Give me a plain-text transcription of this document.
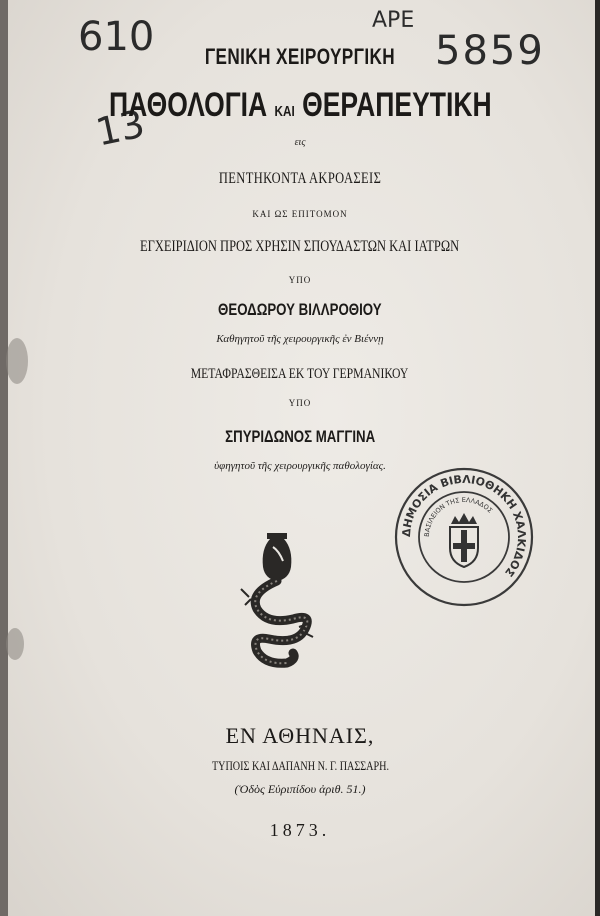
610
13
ΑΡΕ
5859
ΓΕΝΙΚΗ ΧΕΙΡΟΥΡΓΙΚΗ
ΠΑΘΟΛΟΓΙΑ ΚΑΙ ΘΕΡΑΠΕΥΤΙΚΗ
εις
ΠΕΝΤΗΚΟΝΤΑ ΑΚΡΟΑΣΕΙΣ
ΚΑΙ ΩΣ ΕΠΙΤΟΜΟΝ
ΕΓΧΕΙΡΙΔΙΟΝ ΠΡΟΣ ΧΡΗΣΙΝ ΣΠΟΥΔΑΣΤΩΝ ΚΑΙ ΙΑΤΡΩΝ
ΥΠΟ
ΘΕΟΔΩΡΟΥ ΒΙΛΛΡΟΘΙΟΥ
Καθηγητοῦ τῆς χειρουργικῆς ἐν Βιέννῃ
ΜΕΤΑΦΡΑΣΘΕΙΣΑ ΕΚ ΤΟΥ ΓΕΡΜΑΝΙΚΟΥ
ΥΠΟ
ΣΠΥΡΙΔΩΝΟΣ ΜΑΓΓΙΝΑ
ὑφηγητοῦ τῆς χειρουργικῆς παθολογίας.
ΔΗΜΟΣΙΑ ΒΙΒΛΙΟΘΗΚΗ ΧΑΛΚΙΔΟΣ
ΒΑΣΙΛΕΙΟΝ ΤΗΣ ΕΛΛΑΔΟΣ
ΕΝ ΑΘΗΝΑΙΣ,
ΤΥΠΟΙΣ ΚΑΙ ΔΑΠΑΝΗ Ν. Γ. ΠΑΣΣΑΡΗ.
(Ὁδὸς Εὐριπίδου ἀριθ. 51.)
1873.
